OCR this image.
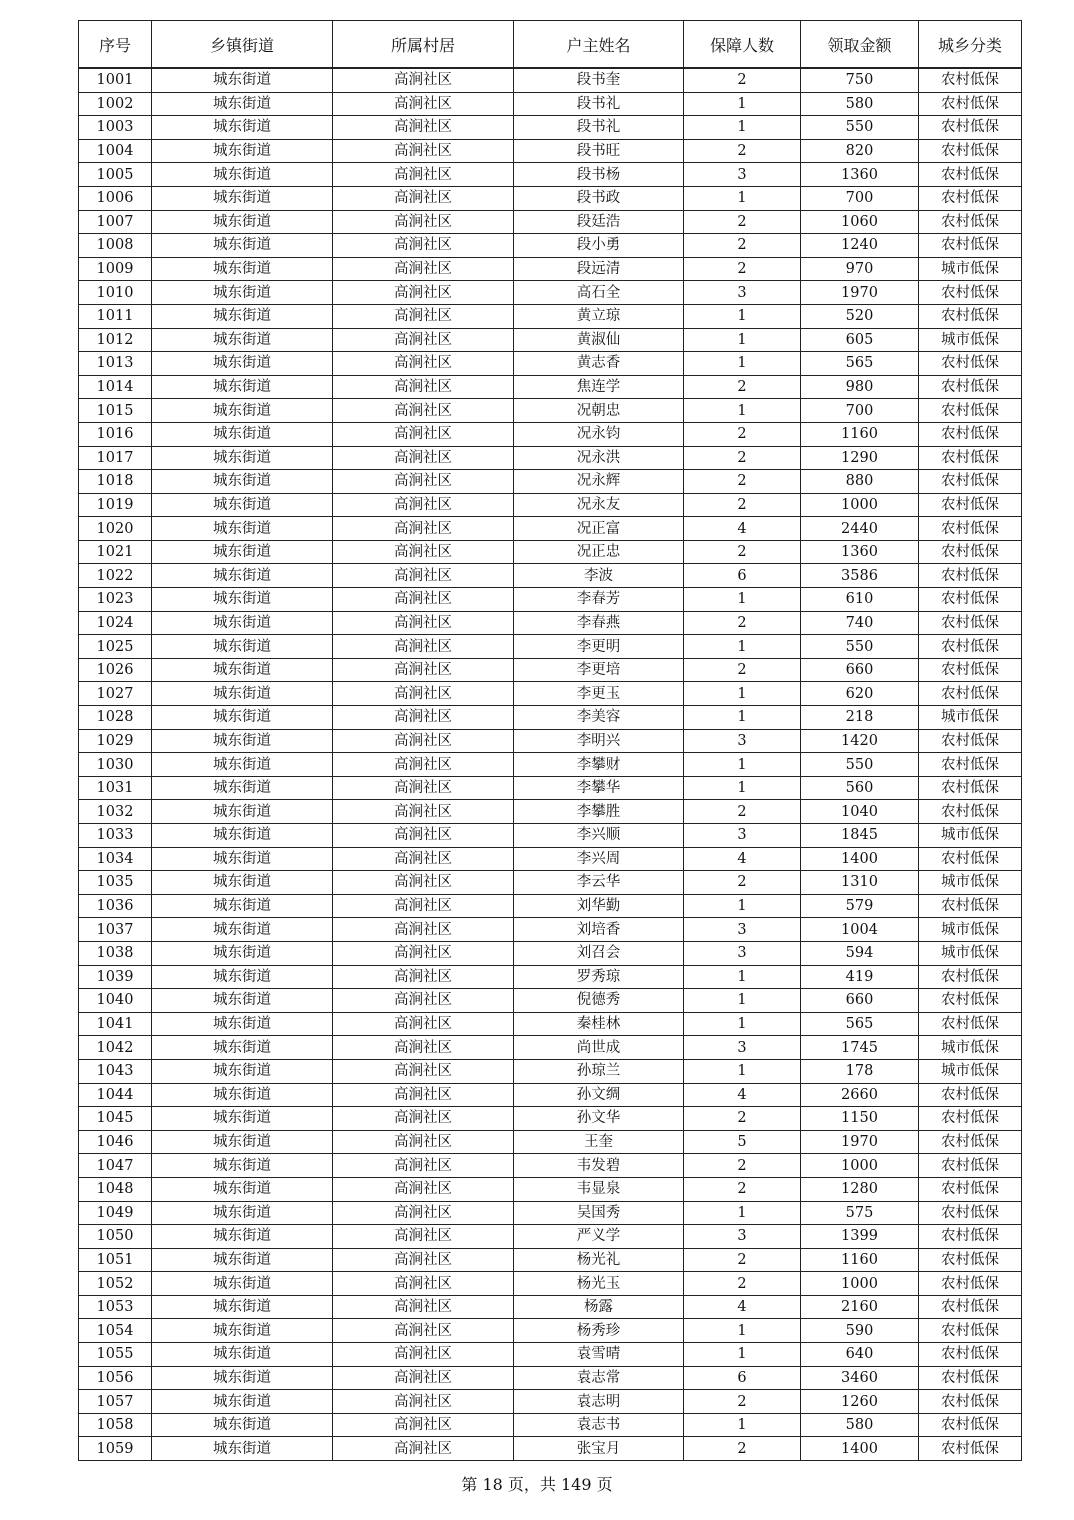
序号	乡镇街道	所属村居	户主姓名	保障人数	领取金额	城乡分类
1001	城东街道	高涧社区	段书奎	2	750	农村低保
1002	城东街道	高涧社区	段书礼	1	580	农村低保
1003	城东街道	高涧社区	段书礼	1	550	农村低保
1004	城东街道	高涧社区	段书旺	2	820	农村低保
1005	城东街道	高涧社区	段书杨	3	1360	农村低保
1006	城东街道	高涧社区	段书政	1	700	农村低保
1007	城东街道	高涧社区	段廷浩	2	1060	农村低保
1008	城东街道	高涧社区	段小勇	2	1240	农村低保
1009	城东街道	高涧社区	段远清	2	970	城市低保
1010	城东街道	高涧社区	高石全	3	1970	农村低保
1011	城东街道	高涧社区	黄立琼	1	520	农村低保
1012	城东街道	高涧社区	黄淑仙	1	605	城市低保
1013	城东街道	高涧社区	黄志香	1	565	农村低保
1014	城东街道	高涧社区	焦连学	2	980	农村低保
1015	城东街道	高涧社区	况朝忠	1	700	农村低保
1016	城东街道	高涧社区	况永钧	2	1160	农村低保
1017	城东街道	高涧社区	况永洪	2	1290	农村低保
1018	城东街道	高涧社区	况永辉	2	880	农村低保
1019	城东街道	高涧社区	况永友	2	1000	农村低保
1020	城东街道	高涧社区	况正富	4	2440	农村低保
1021	城东街道	高涧社区	况正忠	2	1360	农村低保
1022	城东街道	高涧社区	李波	6	3586	农村低保
1023	城东街道	高涧社区	李春芳	1	610	农村低保
1024	城东街道	高涧社区	李春燕	2	740	农村低保
1025	城东街道	高涧社区	李更明	1	550	农村低保
1026	城东街道	高涧社区	李更培	2	660	农村低保
1027	城东街道	高涧社区	李更玉	1	620	农村低保
1028	城东街道	高涧社区	李美容	1	218	城市低保
1029	城东街道	高涧社区	李明兴	3	1420	农村低保
1030	城东街道	高涧社区	李攀财	1	550	农村低保
1031	城东街道	高涧社区	李攀华	1	560	农村低保
1032	城东街道	高涧社区	李攀胜	2	1040	农村低保
1033	城东街道	高涧社区	李兴顺	3	1845	城市低保
1034	城东街道	高涧社区	李兴周	4	1400	农村低保
1035	城东街道	高涧社区	李云华	2	1310	城市低保
1036	城东街道	高涧社区	刘华勤	1	579	农村低保
1037	城东街道	高涧社区	刘培香	3	1004	城市低保
1038	城东街道	高涧社区	刘召会	3	594	城市低保
1039	城东街道	高涧社区	罗秀琼	1	419	农村低保
1040	城东街道	高涧社区	倪德秀	1	660	农村低保
1041	城东街道	高涧社区	秦桂林	1	565	农村低保
1042	城东街道	高涧社区	尚世成	3	1745	城市低保
1043	城东街道	高涧社区	孙琼兰	1	178	城市低保
1044	城东街道	高涧社区	孙文绸	4	2660	农村低保
1045	城东街道	高涧社区	孙文华	2	1150	农村低保
1046	城东街道	高涧社区	王奎	5	1970	农村低保
1047	城东街道	高涧社区	韦发碧	2	1000	农村低保
1048	城东街道	高涧社区	韦显泉	2	1280	农村低保
1049	城东街道	高涧社区	吴国秀	1	575	农村低保
1050	城东街道	高涧社区	严义学	3	1399	农村低保
1051	城东街道	高涧社区	杨光礼	2	1160	农村低保
1052	城东街道	高涧社区	杨光玉	2	1000	农村低保
1053	城东街道	高涧社区	杨露	4	2160	农村低保
1054	城东街道	高涧社区	杨秀珍	1	590	农村低保
1055	城东街道	高涧社区	袁雪晴	1	640	农村低保
1056	城东街道	高涧社区	袁志常	6	3460	农村低保
1057	城东街道	高涧社区	袁志明	2	1260	农村低保
1058	城东街道	高涧社区	袁志书	1	580	农村低保
1059	城东街道	高涧社区	张宝月	2	1400	农村低保
第 18 页，共 149 页
